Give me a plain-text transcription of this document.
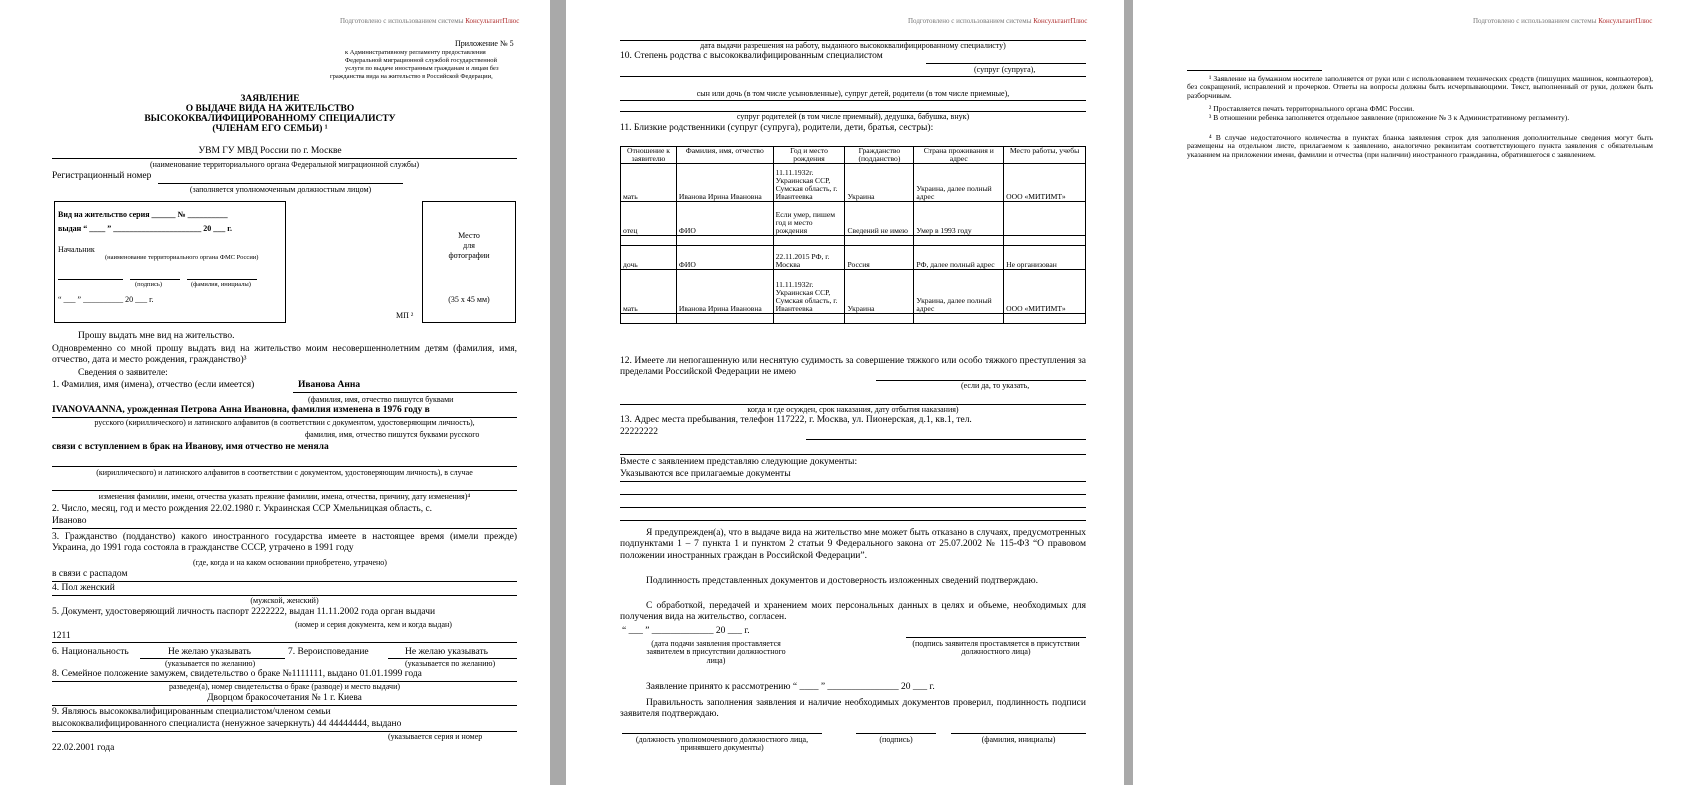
Подготовлено с использованием системы КонсультантПлюс
Приложение № 5
к Административному регламенту предоставления
Федеральной миграционной службой государственной
услуги по выдаче иностранным гражданам и лицам без
гражданства вида на жительство в Российской Федерации,
ЗАЯВЛЕНИЕ
О ВЫДАЧЕ ВИДА НА ЖИТЕЛЬСТВО
ВЫСОКОКВАЛИФИЦИРОВАННОМУ СПЕЦИАЛИСТУ
(ЧЛЕНАМ ЕГО СЕМЬИ) ¹
УВМ ГУ МВД России по г. Москве
(наименование территориального органа Федеральной миграционной службы)
Регистрационный номер
(заполняется уполномоченным должностным лицом)
Вид на жительство серия ______ № __________
выдан “ ____ ” ______________________ 20 ___ г.
Начальник
(наименование территориального органа ФМС России)
(подпись)	(фамилия, инициалы)
“ ___ ” __________ 20 ___ г.
Место
для
фотографии
(35 x 45 мм)
МП ²
Прошу выдать мне вид на жительство.
Одновременно со мной прошу выдать вид на жительство моим несовершеннолетним детям (фамилия, имя, отчество, дата и место рождения, гражданство)³
Сведения о заявителе:
1. Фамилия, имя (имена), отчество (если имеется)	Иванова Анна
(фамилия, имя, отчество пишутся буквами
IVANOVAANNA, урожденная Петрова Анна Ивановна, фамилия изменена в 1976 году в
русского (кириллического) и латинского алфавитов (в соответствии с документом, удостоверяющим личность),
фамилия, имя, отчество пишутся буквами русского
связи с вступлением в брак на Иванову, имя отчество не меняла
(кириллического) и латинского алфавитов в соответствии с документом, удостоверяющим личность), в случае
изменения фамилии, имени, отчества указать прежние фамилии, имена, отчества, причину, дату изменения)⁴
2. Число, месяц, год и место рождения 22.02.1980 г. Украинская ССР Хмельницкая область, с.
Иваново
3. Гражданство (подданство) какого иностранного государства имеете в настоящее время (имели прежде) Украина, до 1991 года состояла в гражданстве СССР, утрачено в 1991 году
(где, когда и на каком основании приобретено, утрачено)
в связи с распадом
4. Пол женский
(мужской, женский)
5. Документ, удостоверяющий личность паспорт 2222222, выдан 11.11.2002 года орган выдачи
(номер и серия документа, кем и когда выдан)
1211
6. Национальность	Не желаю указывать	7. Вероисповедание	Не желаю указывать
(указывается по желанию)	(указывается по желанию)
8. Семейное положение замужем, свидетельство о браке №1111111, выдано 01.01.1999 года
разведен(а), номер свидетельства о браке (разводе) и место выдачи)
Дворцом бракосочетания № 1 г. Киева
9. Являюсь высококвалифицированным специалистом/членом семьи
высококвалифицированного специалиста (ненужное зачеркнуть) 44 44444444, выдано
(указывается серия и номер
22.02.2001 года
Подготовлено с использованием системы КонсультантПлюс
дата выдачи разрешения на работу, выданного высококвалифицированному специалисту)
10. Степень родства с высококвалифицированным специалистом
(супруг (супруга),
сын или дочь (в том числе усыновленные), супруг детей, родители (в том числе приемные),
супруг родителей (в том числе приемный), дедушка, бабушка, внук)
11. Близкие родственники (супруг (супруга), родители, дети, братья, сестры):
Отношение к заявителю	Фамилия, имя, отчество	Год и место рождения	Гражданство (подданство)	Страна проживания и адрес	Место работы, учебы
мать	Иванова Ирина Ивановна	11.11.1932г. Украинская ССР, Сумская область, г. Ивантеевка	Украина	Украина, далее полный адрес	ООО «МИТИМТ»
отец	ФИО	Если умер, пишем год и место рождения	Сведений не имею	Умер в 1993 году	

дочь	ФИО	22.11.2015 РФ, г. Москва	Россия	РФ, далее полный адрес	Не организован
мать	Иванова Ирина Ивановна	11.11.1932г. Украинская ССР, Сумская область, г. Ивантеевка	Украина	Украина, далее полный адрес	ООО «МИТИМТ»

12. Имеете ли непогашенную или неснятую судимость за совершение тяжкого или особо тяжкого преступления за пределами Российской Федерации не имею
(если да, то указать,
когда и где осужден, срок наказания, дату отбытия наказания)
13. Адрес места пребывания, телефон 117222, г. Москва, ул. Пионерская, д.1, кв.1, тел.
22222222
Вместе с заявлением представляю следующие документы:
Указываются все прилагаемые документы
Я предупрежден(а), что в выдаче вида на жительство мне может быть отказано в случаях, предусмотренных подпунктами 1 – 7 пункта 1 и пунктом 2 статьи 9 Федерального закона от 25.07.2002 № 115-ФЗ “О правовом положении иностранных граждан в Российской Федерации”.
Подлинность представленных документов и достоверность изложенных сведений подтверждаю.
С обработкой, передачей и хранением моих персональных данных в целях и объеме, необходимых для получения вида на жительство, согласен.
“ ___ ” _____________ 20 ___ г.
(дата подачи заявления проставляется заявителем в присутствии должностного лица)
(подпись заявителя проставляется в присутствии должностного лица)
Заявление принято к рассмотрению “ ____ ” _______________ 20 ___ г.
Правильность заполнения заявления и наличие необходимых документов проверил, подлинность подписи заявителя подтверждаю.
(должность уполномоченного должностного лица, принявшего документы)
(подпись)	(фамилия, инициалы)
Подготовлено с использованием системы КонсультантПлюс
¹ Заявление на бумажном носителе заполняется от руки или с использованием технических средств (пишущих машинок, компьютеров), без сокращений, исправлений и прочерков. Ответы на вопросы должны быть исчерпывающими. Текст, выполненный от руки, должен быть разборчивым.
² Проставляется печать территориального органа ФМС России.
³ В отношении ребенка заполняется отдельное заявление (приложение № 3 к Административному регламенту).
⁴ В случае недостаточного количества в пунктах бланка заявления строк для заполнения дополнительные сведения могут быть размещены на отдельном листе, прилагаемом к заявлению, аналогично реквизитам соответствующего пункта заявления с обязательным указанием на приложении имени, фамилии и отчества (при наличии) иностранного гражданина, обратившегося с заявлением.
